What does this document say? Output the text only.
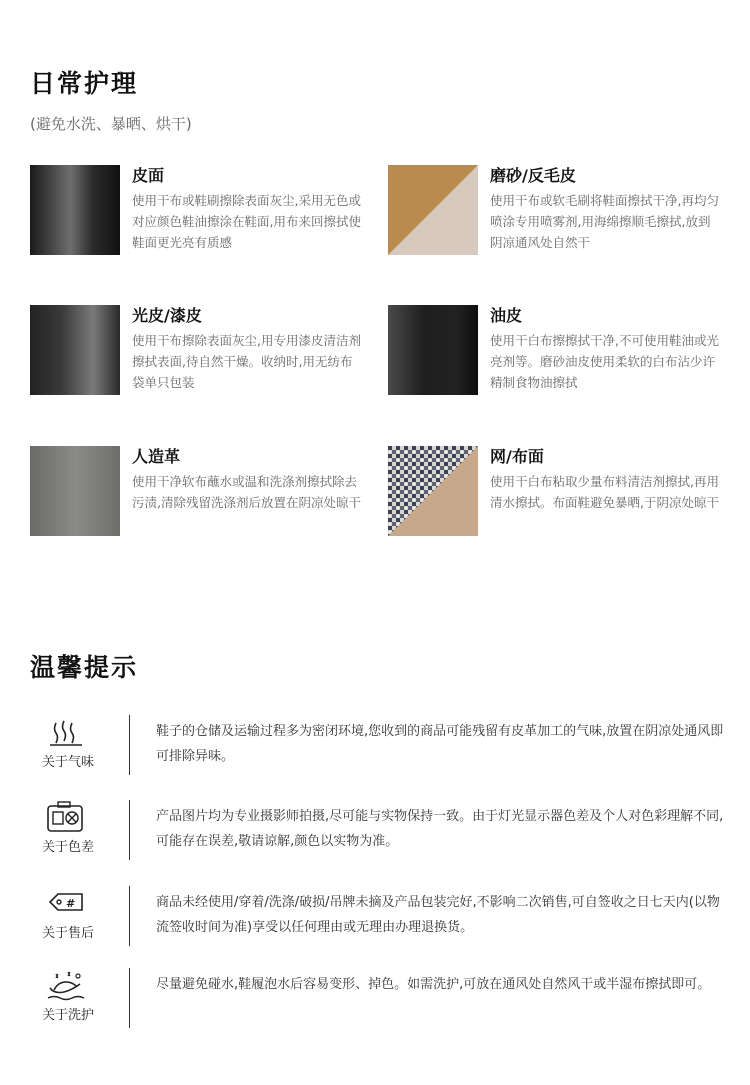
日常护理
(避免水洗、暴晒、烘干)
皮面
使用干布或鞋刷擦除表面灰尘,采用无色或对应颜色鞋油擦涂在鞋面,用布来回擦拭使鞋面更光亮有质感
磨砂/反毛皮
使用干布或软毛刷将鞋面擦拭干净,再均匀喷涂专用喷雾剂,用海绵擦顺毛擦拭,放到阴凉通风处自然干
光皮/漆皮
使用干布擦除表面灰尘,用专用漆皮清洁剂擦拭表面,待自然干燥。收纳时,用无纺布袋单只包装
油皮
使用干白布擦擦拭干净,不可使用鞋油或光亮剂等。磨砂油皮使用柔软的白布沾少许精制食物油擦拭
人造革
使用干净软布蘸水或温和洗涤剂擦拭除去污渍,清除残留洗涤剂后放置在阴凉处晾干
网/布面
使用干白布粘取少量布料清洁剂擦拭,再用清水擦拭。布面鞋避免暴晒,于阴凉处晾干
温馨提示
关于气味
鞋子的仓储及运输过程多为密闭环境,您收到的商品可能残留有皮革加工的气味,放置在阴凉处通风即可排除异味。
关于色差
产品图片均为专业摄影师拍摄,尽可能与实物保持一致。由于灯光显示器色差及个人对色彩理解不同,可能存在误差,敬请谅解,颜色以实物为准。
#
关于售后
商品未经使用/穿着/洗涤/破损/吊牌未摘及产品包装完好,不影响二次销售,可自签收之日七天内(以物流签收时间为准)享受以任何理由或无理由办理退换货。
关于洗护
尽量避免碰水,鞋履泡水后容易变形、掉色。如需洗护,可放在通风处自然风干或半湿布擦拭即可。
